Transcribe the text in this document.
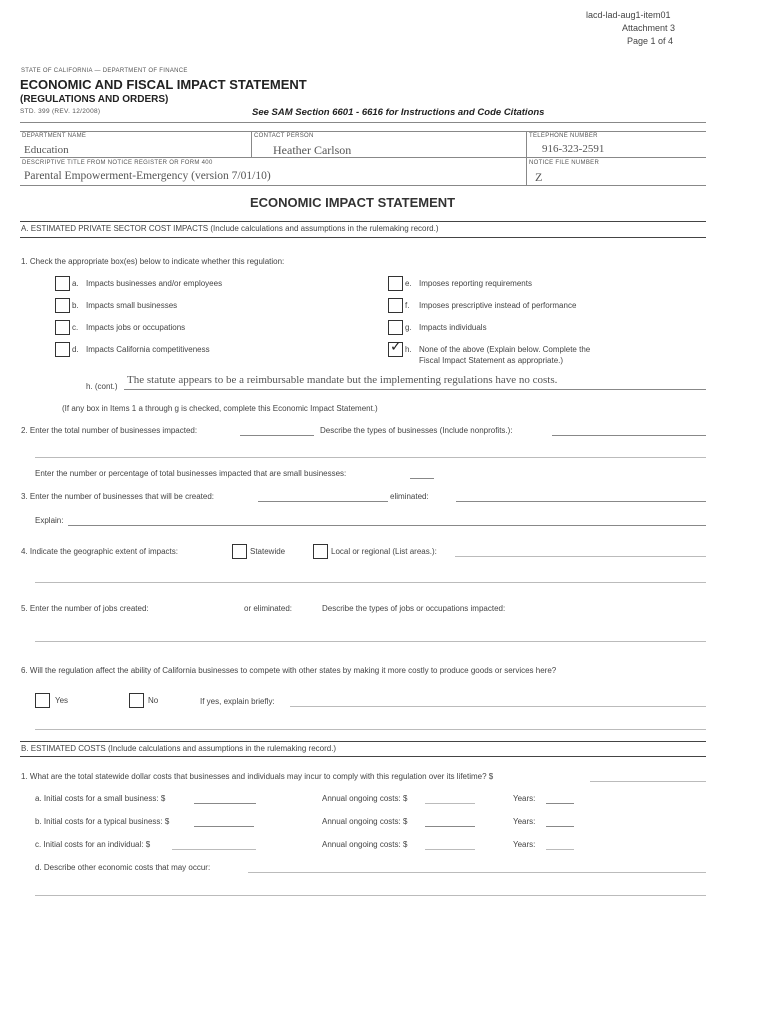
lacd-lad-aug1-item01
Attachment 3
Page 1 of 4
STATE OF CALIFORNIA — DEPARTMENT OF FINANCE
ECONOMIC AND FISCAL IMPACT STATEMENT
(REGULATIONS AND ORDERS)
STD. 399 (REV. 12/2008)	See SAM Section 6601 - 6616 for Instructions and Code Citations
DEPARTMENT NAME
Education
CONTACT PERSON
Heather Carlson
TELEPHONE NUMBER
916-323-2591
DESCRIPTIVE TITLE FROM NOTICE REGISTER OR FORM 400
Parental Empowerment-Emergency (version 7/01/10)
NOTICE FILE NUMBER
Z
ECONOMIC IMPACT STATEMENT
A. ESTIMATED PRIVATE SECTOR COST IMPACTS (Include calculations and assumptions in the rulemaking record.)
1. Check the appropriate box(es) below to indicate whether this regulation:
a. Impacts businesses and/or employees
b. Impacts small businesses
c. Impacts jobs or occupations
d. Impacts California competitiveness
e. Imposes reporting requirements
f. Imposes prescriptive instead of performance
g. Impacts individuals
✓ h. None of the above (Explain below. Complete the
Fiscal Impact Statement as appropriate.)
h. (cont.)
The statute appears to be a reimbursable mandate but the implementing regulations have no costs.
(If any box in Items 1 a through g is checked, complete this Economic Impact Statement.)
2. Enter the total number of businesses impacted:	Describe the types of businesses (Include nonprofits.):
Enter the number or percentage of total businesses impacted that are small businesses:
3. Enter the number of businesses that will be created:	eliminated:
Explain:
4. Indicate the geographic extent of impacts:	Statewide	Local or regional (List areas.):
5. Enter the number of jobs created:	or eliminated:	Describe the types of jobs or occupations impacted:
6. Will the regulation affect the ability of California businesses to compete with other states by making it more costly to produce goods or services here?
Yes	No	If yes, explain briefly:
B. ESTIMATED COSTS (Include calculations and assumptions in the rulemaking record.)
1. What are the total statewide dollar costs that businesses and individuals may incur to comply with this regulation over its lifetime? $
a. Initial costs for a small business: $	Annual ongoing costs: $	Years:
b. Initial costs for a typical business: $	Annual ongoing costs: $	Years:
c. Initial costs for an individual: $	Annual ongoing costs: $	Years:
d. Describe other economic costs that may occur:
